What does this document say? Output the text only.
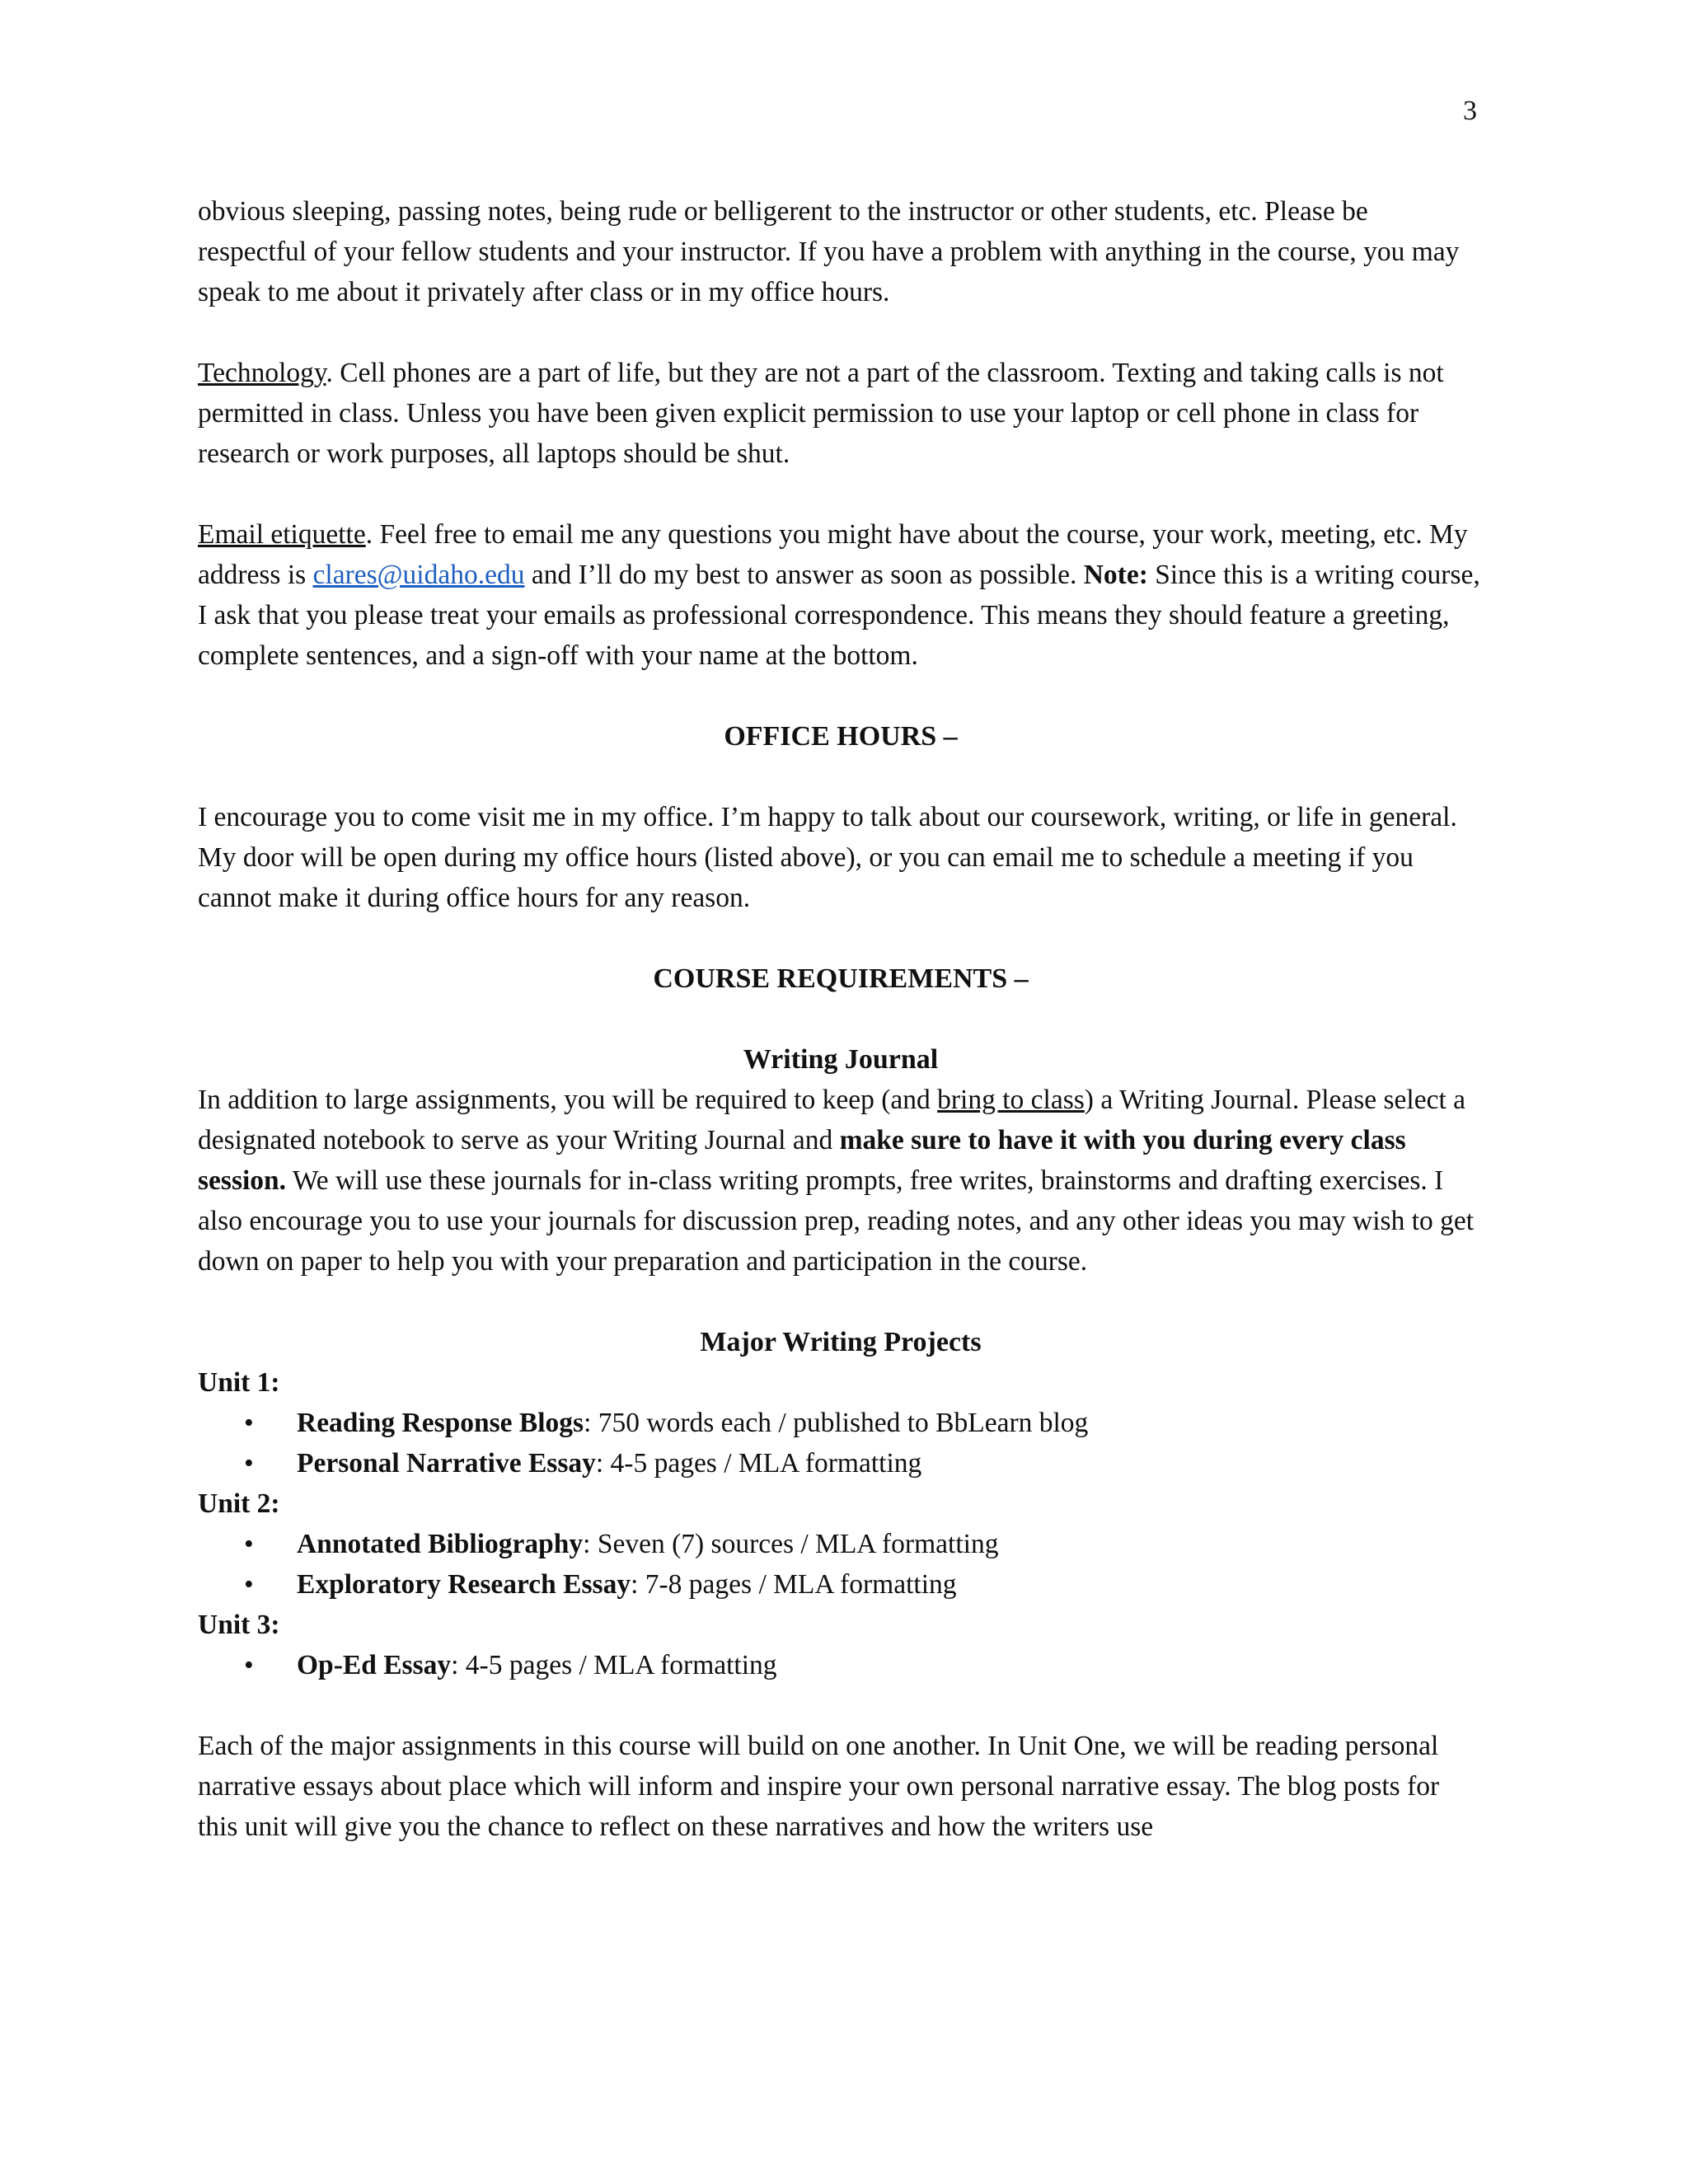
3

obvious sleeping, passing notes, being rude or belligerent to the instructor or other students, etc. Please be respectful of your fellow students and your instructor. If you have a problem with anything in the course, you may speak to me about it privately after class or in my office hours.

Technology. Cell phones are a part of life, but they are not a part of the classroom. Texting and taking calls is not permitted in class. Unless you have been given explicit permission to use your laptop or cell phone in class for research or work purposes, all laptops should be shut.

Email etiquette. Feel free to email me any questions you might have about the course, your work, meeting, etc. My address is clares@uidaho.edu and I’ll do my best to answer as soon as possible. Note: Since this is a writing course, I ask that you please treat your emails as professional correspondence. This means they should feature a greeting, complete sentences, and a sign-off with your name at the bottom.

OFFICE HOURS –

I encourage you to come visit me in my office. I’m happy to talk about our coursework, writing, or life in general. My door will be open during my office hours (listed above), or you can email me to schedule a meeting if you cannot make it during office hours for any reason.

COURSE REQUIREMENTS –
Writing Journal

In addition to large assignments, you will be required to keep (and bring to class) a Writing Journal. Please select a designated notebook to serve as your Writing Journal and make sure to have it with you during every class session. We will use these journals for in-class writing prompts, free writes, brainstorms and drafting exercises. I also encourage you to use your journals for discussion prep, reading notes, and any other ideas you may wish to get down on paper to help you with your preparation and participation in the course.

Major Writing Projects

Unit 1:

• Reading Response Blogs: 750 words each / published to BbLearn blog
• Personal Narrative Essay: 4-5 pages / MLA formatting

Unit 2:

• Annotated Bibliography: Seven (7) sources / MLA formatting
• Exploratory Research Essay: 7-8 pages / MLA formatting

Unit 3:

• Op-Ed Essay: 4-5 pages / MLA formatting

Each of the major assignments in this course will build on one another. In Unit One, we will be reading personal narrative essays about place which will inform and inspire your own personal narrative essay. The blog posts for this unit will give you the chance to reflect on these narratives and how the writers use
